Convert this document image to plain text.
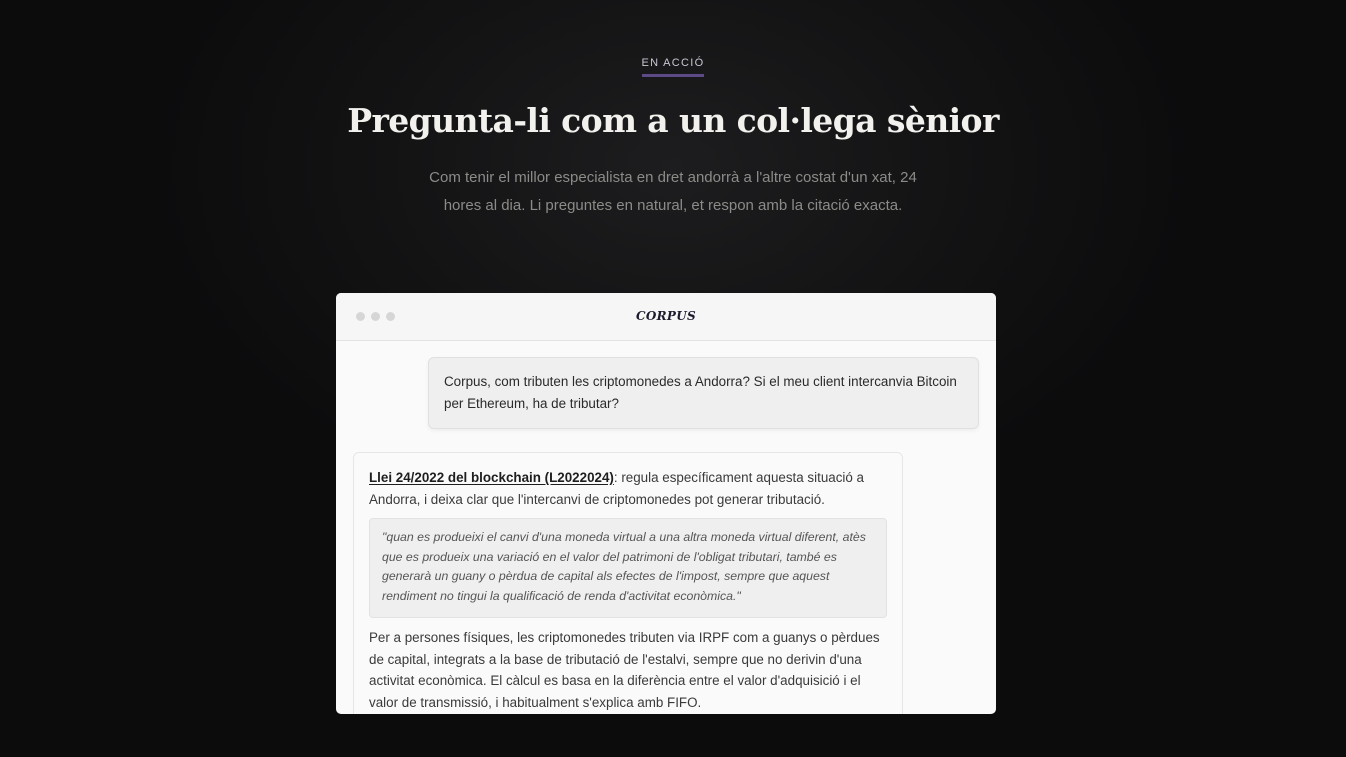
EN ACCIÓ
Pregunta-li com a un col·lega sènior

Com tenir el millor especialista en dret andorrà a l'altre costat d'un xat, 24 hores al dia. Li preguntes en natural, et respon amb la citació exacta.

CORPUS
Corpus, com tributen les criptomonedes a Andorra? Si el meu client intercanvia Bitcoin per Ethereum, ha de tributar?

Llei 24/2022 del blockchain (L2022024): regula específicament aquesta situació a Andorra, i deixa clar que l'intercanvi de criptomonedes pot generar tributació.

"quan es produeixi el canvi d'una moneda virtual a una altra moneda virtual diferent, atès que es produeix una variació en el valor del patrimoni de l'obligat tributari, també es generarà un guany o pèrdua de capital als efectes de l'impost, sempre que aquest rendiment no tingui la qualificació de renda d'activitat econòmica."

Per a persones físiques, les criptomonedes tributen via IRPF com a guanys o pèrdues de capital, integrats a la base de tributació de l'estalvi, sempre que no derivin d'una activitat econòmica. El càlcul es basa en la diferència entre el valor d'adquisició i el valor de transmissió, i habitualment s'explica amb FIFO.
